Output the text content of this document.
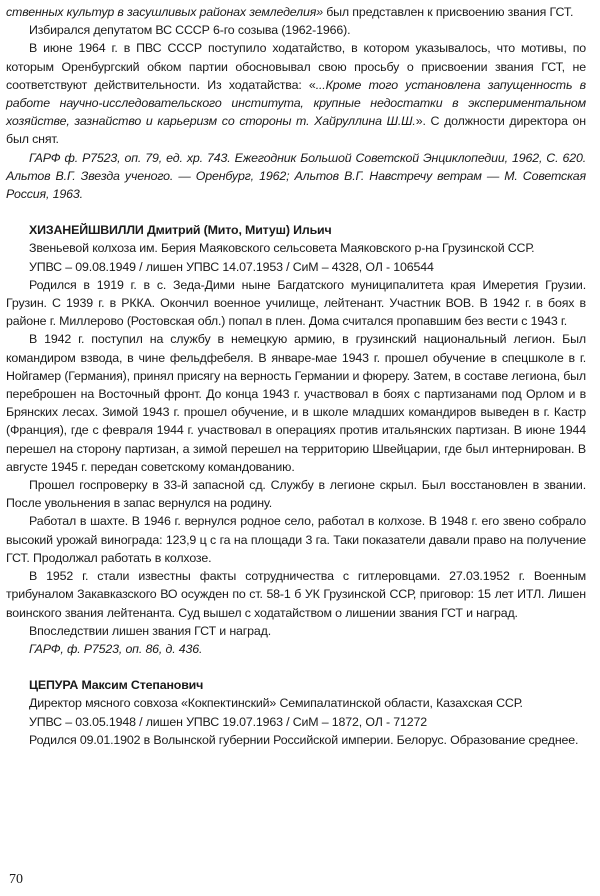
ственных культур в засушливых районах земледелия» был представлен к присвоению звания ГСТ.

Избирался депутатом ВС СССР 6-го созыва (1962-1966).

В июне 1964 г. в ПВС СССР поступило ходатайство, в котором указывалось, что мотивы, по которым Оренбургский обком партии обосновывал свою просьбу о присвоении звания ГСТ, не соответствуют действительности. Из ходатайства: «...Кроме того установлена запущенность в работе научно-исследовательского института, крупные недостатки в экспериментальном хозяйстве, зазнайство и карьеризм со стороны т. Хайруллина Ш.Ш.». С должности директора он был снят.

ГАРФ ф. Р7523, оп. 79, ед. хр. 743. Ежегодник Большой Советской Энциклопедии, 1962, С. 620. Альтов В.Г. Звезда ученого. — Оренбург, 1962; Альтов В.Г. Навстречу ветрам — М. Советская Россия, 1963.

ХИЗАНЕЙШВИЛЛИ Дмитрий (Мито, Митуш) Ильич

Звеньевой колхоза им. Берия Маяковского сельсовета Маяковского р-на Грузинской ССР.

УПВС – 09.08.1949 / лишен УПВС 14.07.1953 / СиМ – 4328, ОЛ - 106544

Родился в 1919 г. в с. Зеда-Дими ныне Багдатского муниципалитета края Имеретия Грузии. Грузин. С 1939 г. в РККА. Окончил военное училище, лейтенант. Участник ВОВ. В 1942 г. в боях в районе г. Миллерово (Ростовская обл.) попал в плен. Дома считался пропавшим без вести с 1943 г.

В 1942 г. поступил на службу в немецкую армию, в грузинский национальный легион. Был командиром взвода, в чине фельдфебеля. В январе-мае 1943 г. прошел обучение в спецшколе в г. Нойгамер (Германия), принял присягу на верность Германии и фюреру. Затем, в составе легиона, был переброшен на Восточный фронт. До конца 1943 г. участвовал в боях с партизанами под Орлом и в Брянских лесах. Зимой 1943 г. прошел обучение, и в школе младших командиров выведен в г. Кастр (Франция), где с февраля 1944 г. участвовал в операциях против итальянских партизан. В июне 1944 перешел на сторону партизан, а зимой перешел на территорию Швейцарии, где был интернирован. В августе 1945 г. передан советскому командованию.

Прошел госпроверку в 33-й запасной сд. Службу в легионе скрыл. Был восстановлен в звании. После увольнения в запас вернулся на родину.

Работал в шахте. В 1946 г. вернулся родное село, работал в колхозе. В 1948 г. его звено собрало высокий урожай винограда: 123,9 ц с га на площади 3 га. Таки показатели давали право на получение ГСТ. Продолжал работать в колхозе.

В 1952 г. стали известны факты сотрудничества с гитлеровцами. 27.03.1952 г. Военным трибуналом Закавказского ВО осужден по ст. 58-1 б УК Грузинской ССР, приговор: 15 лет ИТЛ. Лишен воинского звания лейтенанта. Суд вышел с ходатайством о лишении звания ГСТ и наград.

Впоследствии лишен звания ГСТ и наград.

ГАРФ, ф. Р7523, оп. 86, д. 436.

ЦЕПУРА Максим Степанович

Директор мясного совхоза «Кокпектинский» Семипалатинской области, Казахская ССР.

УПВС – 03.05.1948 / лишен УПВС 19.07.1963 / СиМ – 1872, ОЛ - 71272

Родился 09.01.1902 в Волынской губернии Российской империи. Белорус. Образование среднее.

70
